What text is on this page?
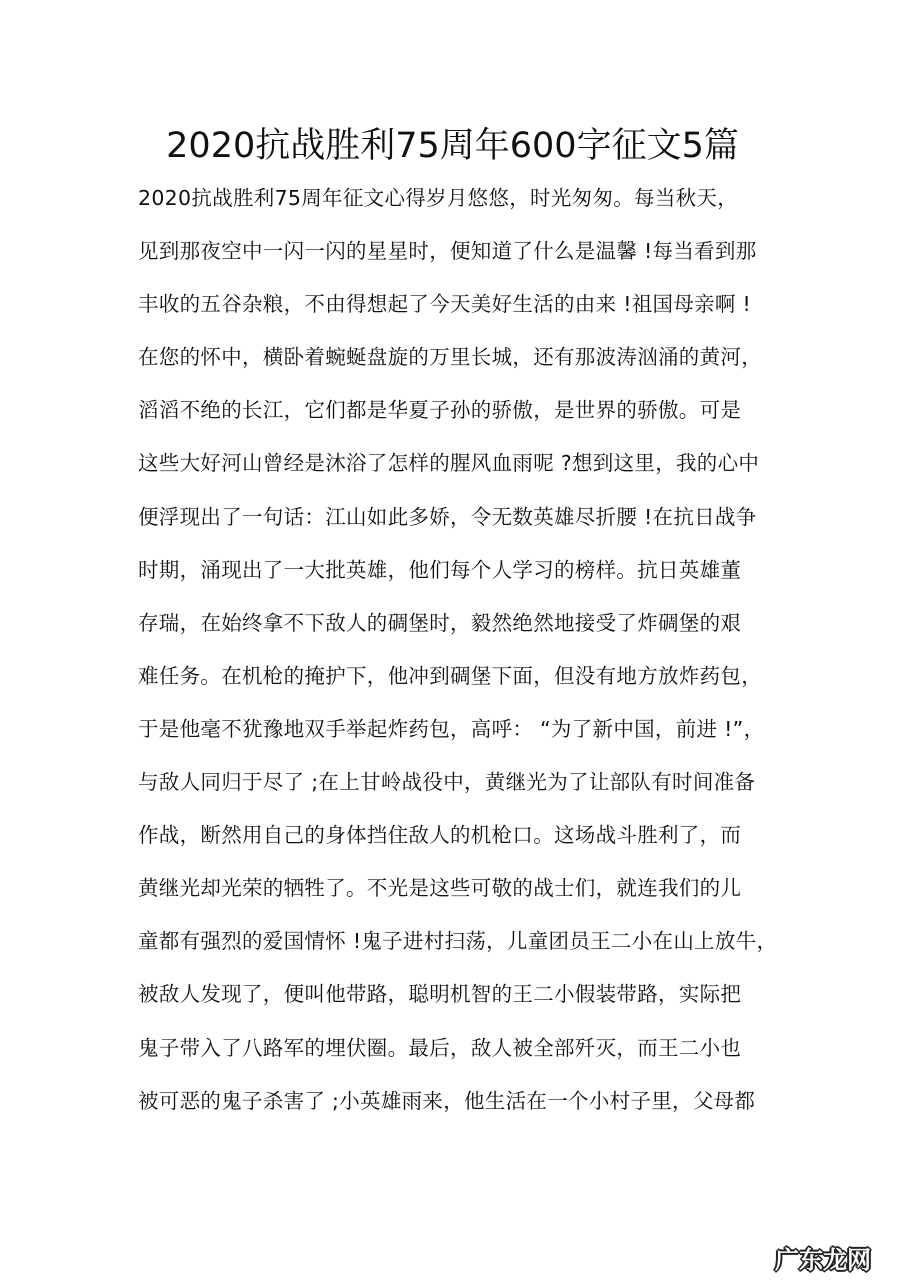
2020抗战胜利75周年600字征文5篇
2020抗战胜利75周年征文心得岁月悠悠，时光匆匆。每当秋天，
见到那夜空中一闪一闪的星星时，便知道了什么是温馨 !每当看到那
丰收的五谷杂粮，不由得想起了今天美好生活的由来 !祖国母亲啊 !
在您的怀中，横卧着蜿蜒盘旋的万里长城，还有那波涛汹涌的黄河，
滔滔不绝的长江，它们都是华夏子孙的骄傲，是世界的骄傲。可是
这些大好河山曾经是沐浴了怎样的腥风血雨呢 ?想到这里，我的心中
便浮现出了一句话：江山如此多娇，令无数英雄尽折腰 !在抗日战争
时期，涌现出了一大批英雄，他们每个人学习的榜样。抗日英雄董
存瑞，在始终拿不下敌人的碉堡时，毅然绝然地接受了炸碉堡的艰
难任务。在机枪的掩护下，他冲到碉堡下面，但没有地方放炸药包，
于是他毫不犹豫地双手举起炸药包，高呼： “为了新中国，前进 !”，
与敌人同归于尽了 ;在上甘岭战役中，黄继光为了让部队有时间准备
作战，断然用自己的身体挡住敌人的机枪口。这场战斗胜利了，而
黄继光却光荣的牺牲了。不光是这些可敬的战士们，就连我们的儿
童都有强烈的爱国情怀 !鬼子进村扫荡，儿童团员王二小在山上放牛，
被敌人发现了，便叫他带路，聪明机智的王二小假装带路，实际把
鬼子带入了八路军的埋伏圈。最后，敌人被全部歼灭，而王二小也
被可恶的鬼子杀害了 ;小英雄雨来，他生活在一个小村子里，父母都
广东龙网
